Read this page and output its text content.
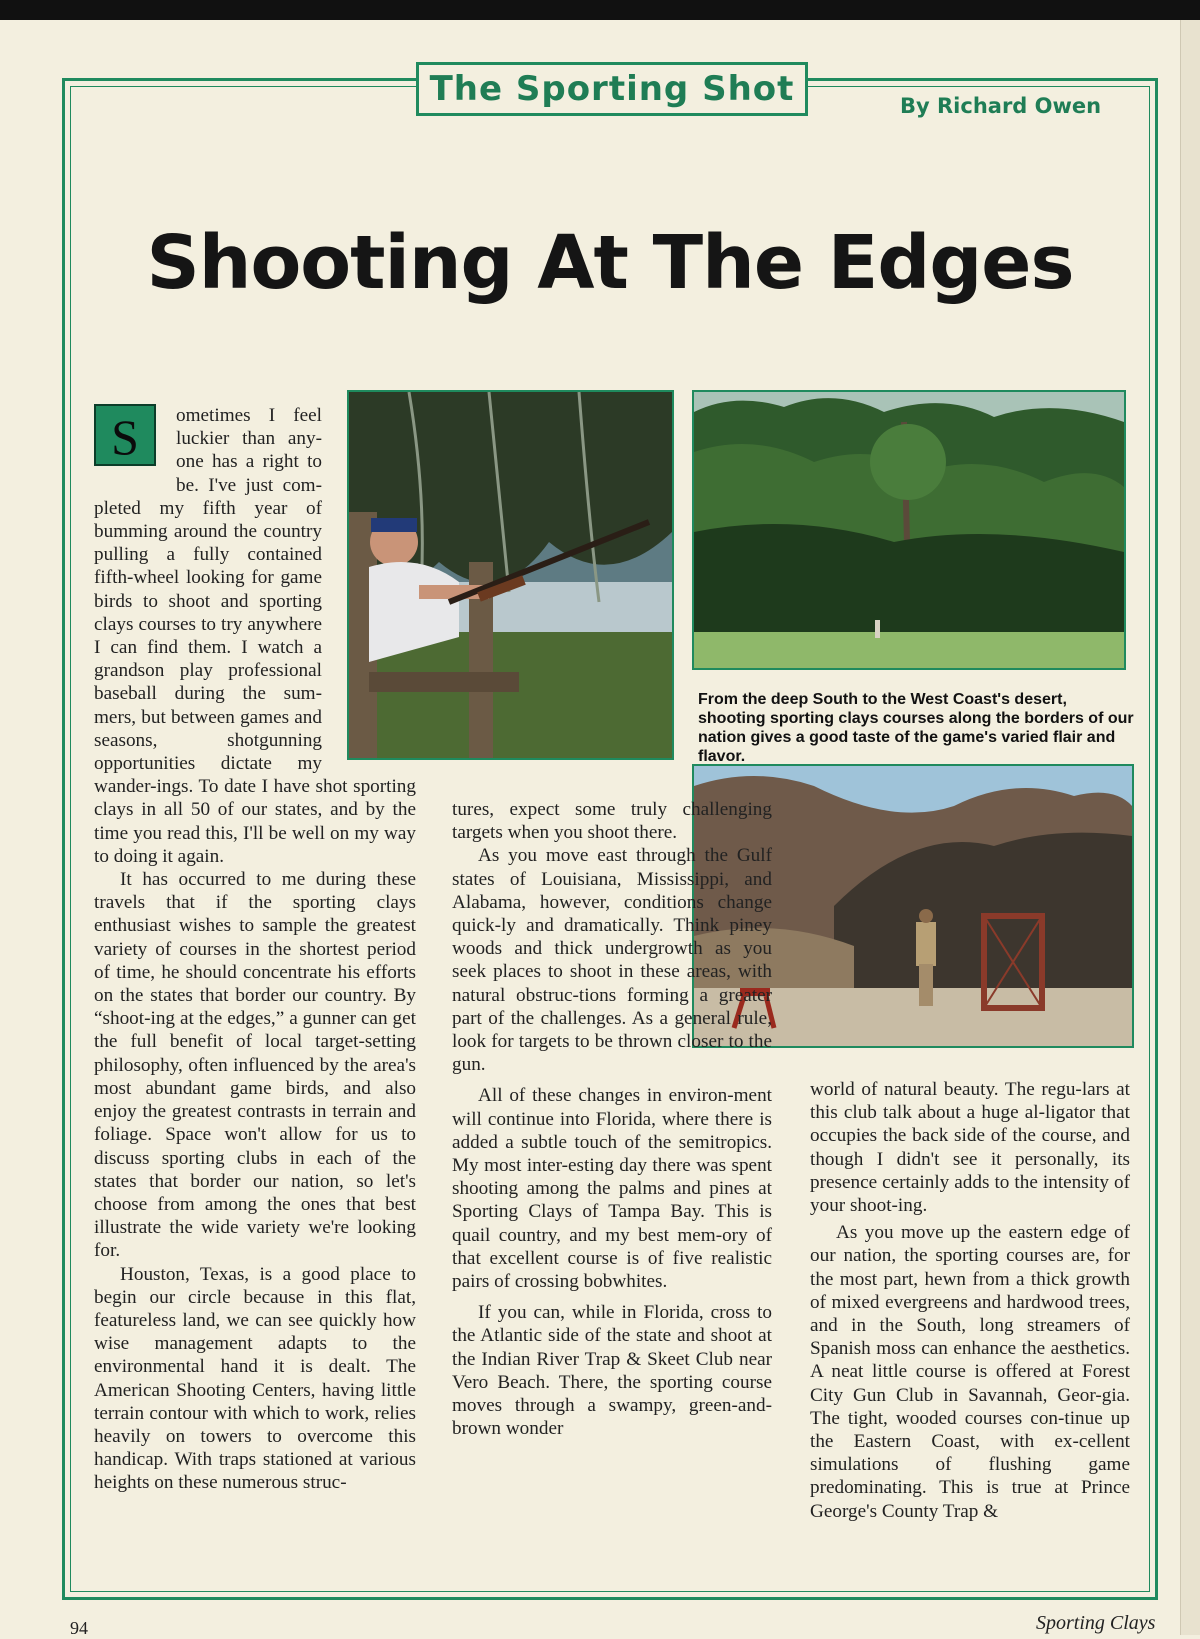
The Sporting Shot	By Richard Owen
Shooting At The Edges
From the deep South to the West Coast's desert, shooting sporting clays courses along the borders of our nation gives a good taste of the game's varied flair and flavor.
S	ometimes I feel luckier than any-one has a right to be. I've just com-pleted my fifth year of bumming around the country pulling a fully contained fifth-wheel looking for game birds to shoot and sporting clays courses to try anywhere I can find them. I watch a grandson play professional baseball during the sum-mers, but between games and seasons, shotgunning opportunities dictate my wander-ings. To date I have shot sporting clays in all 50 of our states, and by the time you read this, I'll be well on my way to doing it again.

It has occurred to me during these travels that if the sporting clays enthusiast wishes to sample the greatest variety of courses in the shortest period of time, he should concentrate his efforts on the states that border our country. By “shoot-ing at the edges,” a gunner can get the full benefit of local target-setting philosophy, often influenced by the area's most abundant game birds, and also enjoy the greatest contrasts in terrain and foliage. Space won't allow for us to discuss sporting clubs in each of the states that border our nation, so let's choose from among the ones that best illustrate the wide variety we're looking for.

Houston, Texas, is a good place to begin our circle because in this flat, featureless land, we can see quickly how wise management adapts to the environmental hand it is dealt. The American Shooting Centers, having little terrain contour with which to work, relies heavily on towers to overcome this handicap. With traps stationed at various heights on these numerous struc-

tures, expect some truly challenging targets when you shoot there.

As you move east through the Gulf states of Louisiana, Mississippi, and Alabama, however, conditions change quick-ly and dramatically. Think piney woods and thick undergrowth as you seek places to shoot in these areas, with natural obstruc-tions forming a greater part of the challenges. As a general rule, look for targets to be thrown closer to the gun.

All of these changes in environ-ment will continue into Florida, where there is added a subtle touch of the semitropics. My most inter-esting day there was spent shooting among the palms and pines at Sporting Clays of Tampa Bay. This is quail country, and my best mem-ory of that excellent course is of five realistic pairs of crossing bobwhites.

If you can, while in Florida, cross to the Atlantic side of the state and shoot at the Indian River Trap & Skeet Club near Vero Beach. There, the sporting course moves through a swampy, green-and-brown wonder

world of natural beauty. The regu-lars at this club talk about a huge al-ligator that occupies the back side of the course, and though I didn't see it personally, its presence certainly adds to the intensity of your shoot-ing.

As you move up the eastern edge of our nation, the sporting courses are, for the most part, hewn from a thick growth of mixed evergreens and hardwood trees, and in the South, long streamers of Spanish moss can enhance the aesthetics. A neat little course is offered at Forest City Gun Club in Savannah, Geor-gia. The tight, wooded courses con-tinue up the Eastern Coast, with ex-cellent simulations of flushing game predominating. This is true at Prince George's County Trap &

94	Sporting Clays
